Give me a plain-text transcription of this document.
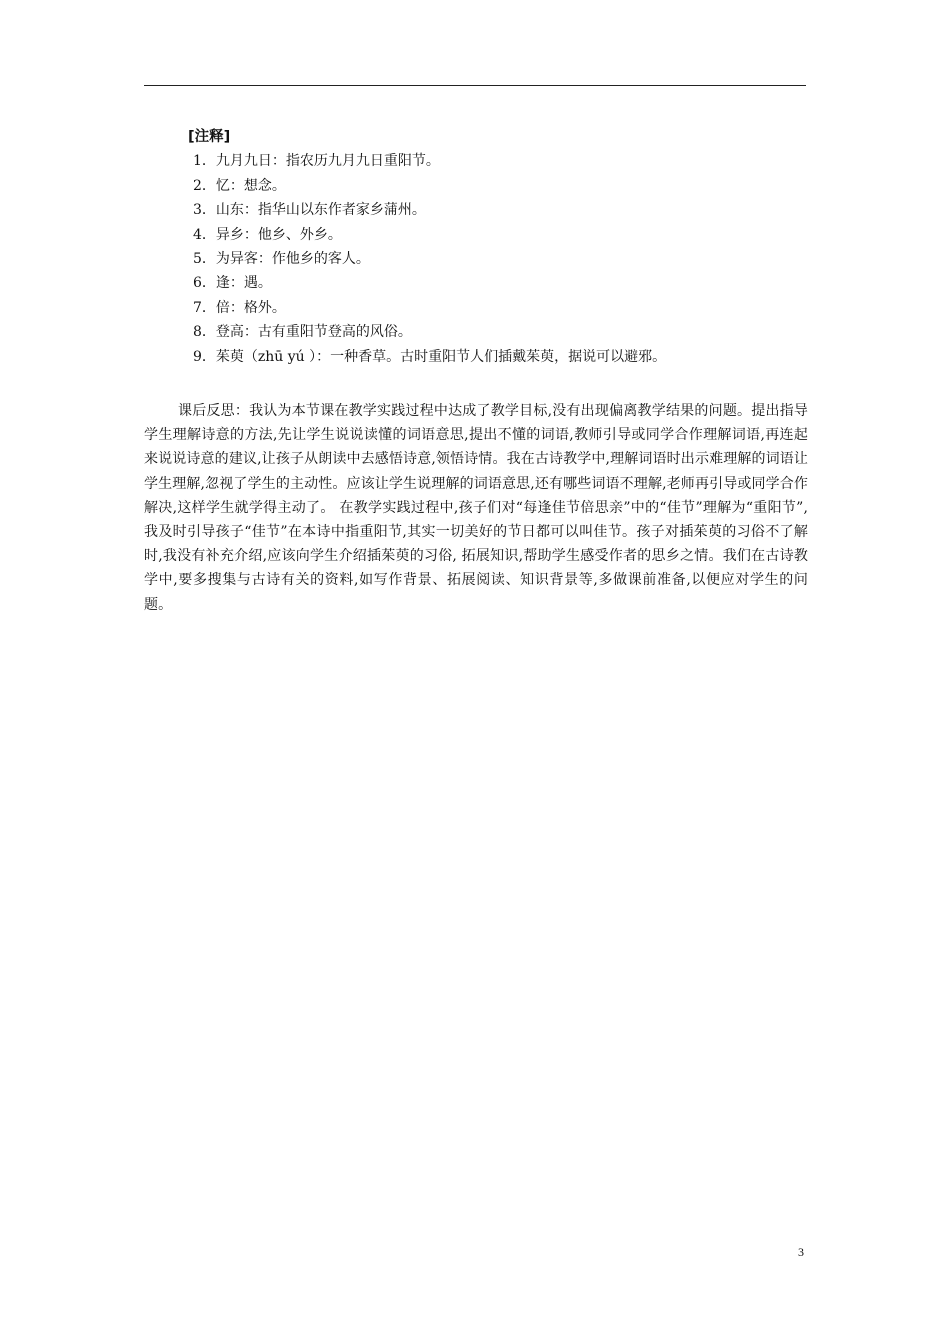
[注释]
1．九月九日：指农历九月九日重阳节。
2．忆：想念。
3．山东：指华山以东作者家乡蒲州。
4．异乡：他乡、外乡。
5．为异客：作他乡的客人。
6．逢：遇。
7．倍：格外。
8．登高：古有重阳节登高的风俗。
9．茱萸（zhū yú ）：一种香草。古时重阳节人们插戴茱萸，据说可以避邪。
课后反思：我认为本节课在教学实践过程中达成了教学目标,没有出现偏离教学结果的问题。提出指导学生理解诗意的方法,先让学生说说读懂的词语意思,提出不懂的词语,教师引导或同学合作理解词语,再连起来说说诗意的建议,让孩子从朗读中去感悟诗意,领悟诗情。我在古诗教学中,理解词语时出示难理解的词语让学生理解,忽视了学生的主动性。应该让学生说理解的词语意思,还有哪些词语不理解,老师再引导或同学合作解决,这样学生就学得主动了。 在教学实践过程中,孩子们对“每逢佳节倍思亲”中的“佳节”理解为“重阳节”,我及时引导孩子“佳节”在本诗中指重阳节,其实一切美好的节日都可以叫佳节。孩子对插茱萸的习俗不了解时,我没有补充介绍,应该向学生介绍插茱萸的习俗, 拓展知识,帮助学生感受作者的思乡之情。我们在古诗教学中,要多搜集与古诗有关的资料,如写作背景、拓展阅读、知识背景等,多做课前准备,以便应对学生的问题。
3
